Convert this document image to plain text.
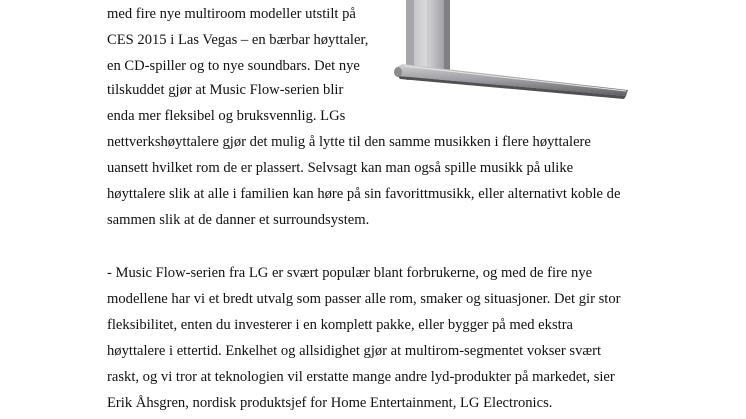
med fire nye multiroom modeller utstilt på
CES 2015 i Las Vegas – en bærbar høyttaler,
en CD-spiller og to nye soundbars. Det nye
tilskuddet gjør at Music Flow-serien blir
enda mer fleksibel og bruksvennlig. LGs
nettverkshøyttalere gjør det mulig å lytte til den samme musikken i flere høyttalere
uansett hvilket rom de er plassert. Selvsagt kan man også spille musikk på ulike
høyttalere slik at alle i familien kan høre på sin favorittmusikk, eller alternativt koble de
sammen slik at de danner et surroundsystem.
- Music Flow-serien fra LG er svært populær blant forbrukerne, og med de fire nye
modellene har vi et bredt utvalg som passer alle rom, smaker og situasjoner. Det gir stor
fleksibilitet, enten du investerer i en komplett pakke, eller bygger på med ekstra
høyttalere i ettertid. Enkelhet og allsidighet gjør at multirom-segmentet vokser svært
raskt, og vi tror at teknologien vil erstatte mange andre lyd-produkter på markedet, sier
Erik Åhsgren, nordisk produktsjef for Home Entertainment, LG Electronics.
